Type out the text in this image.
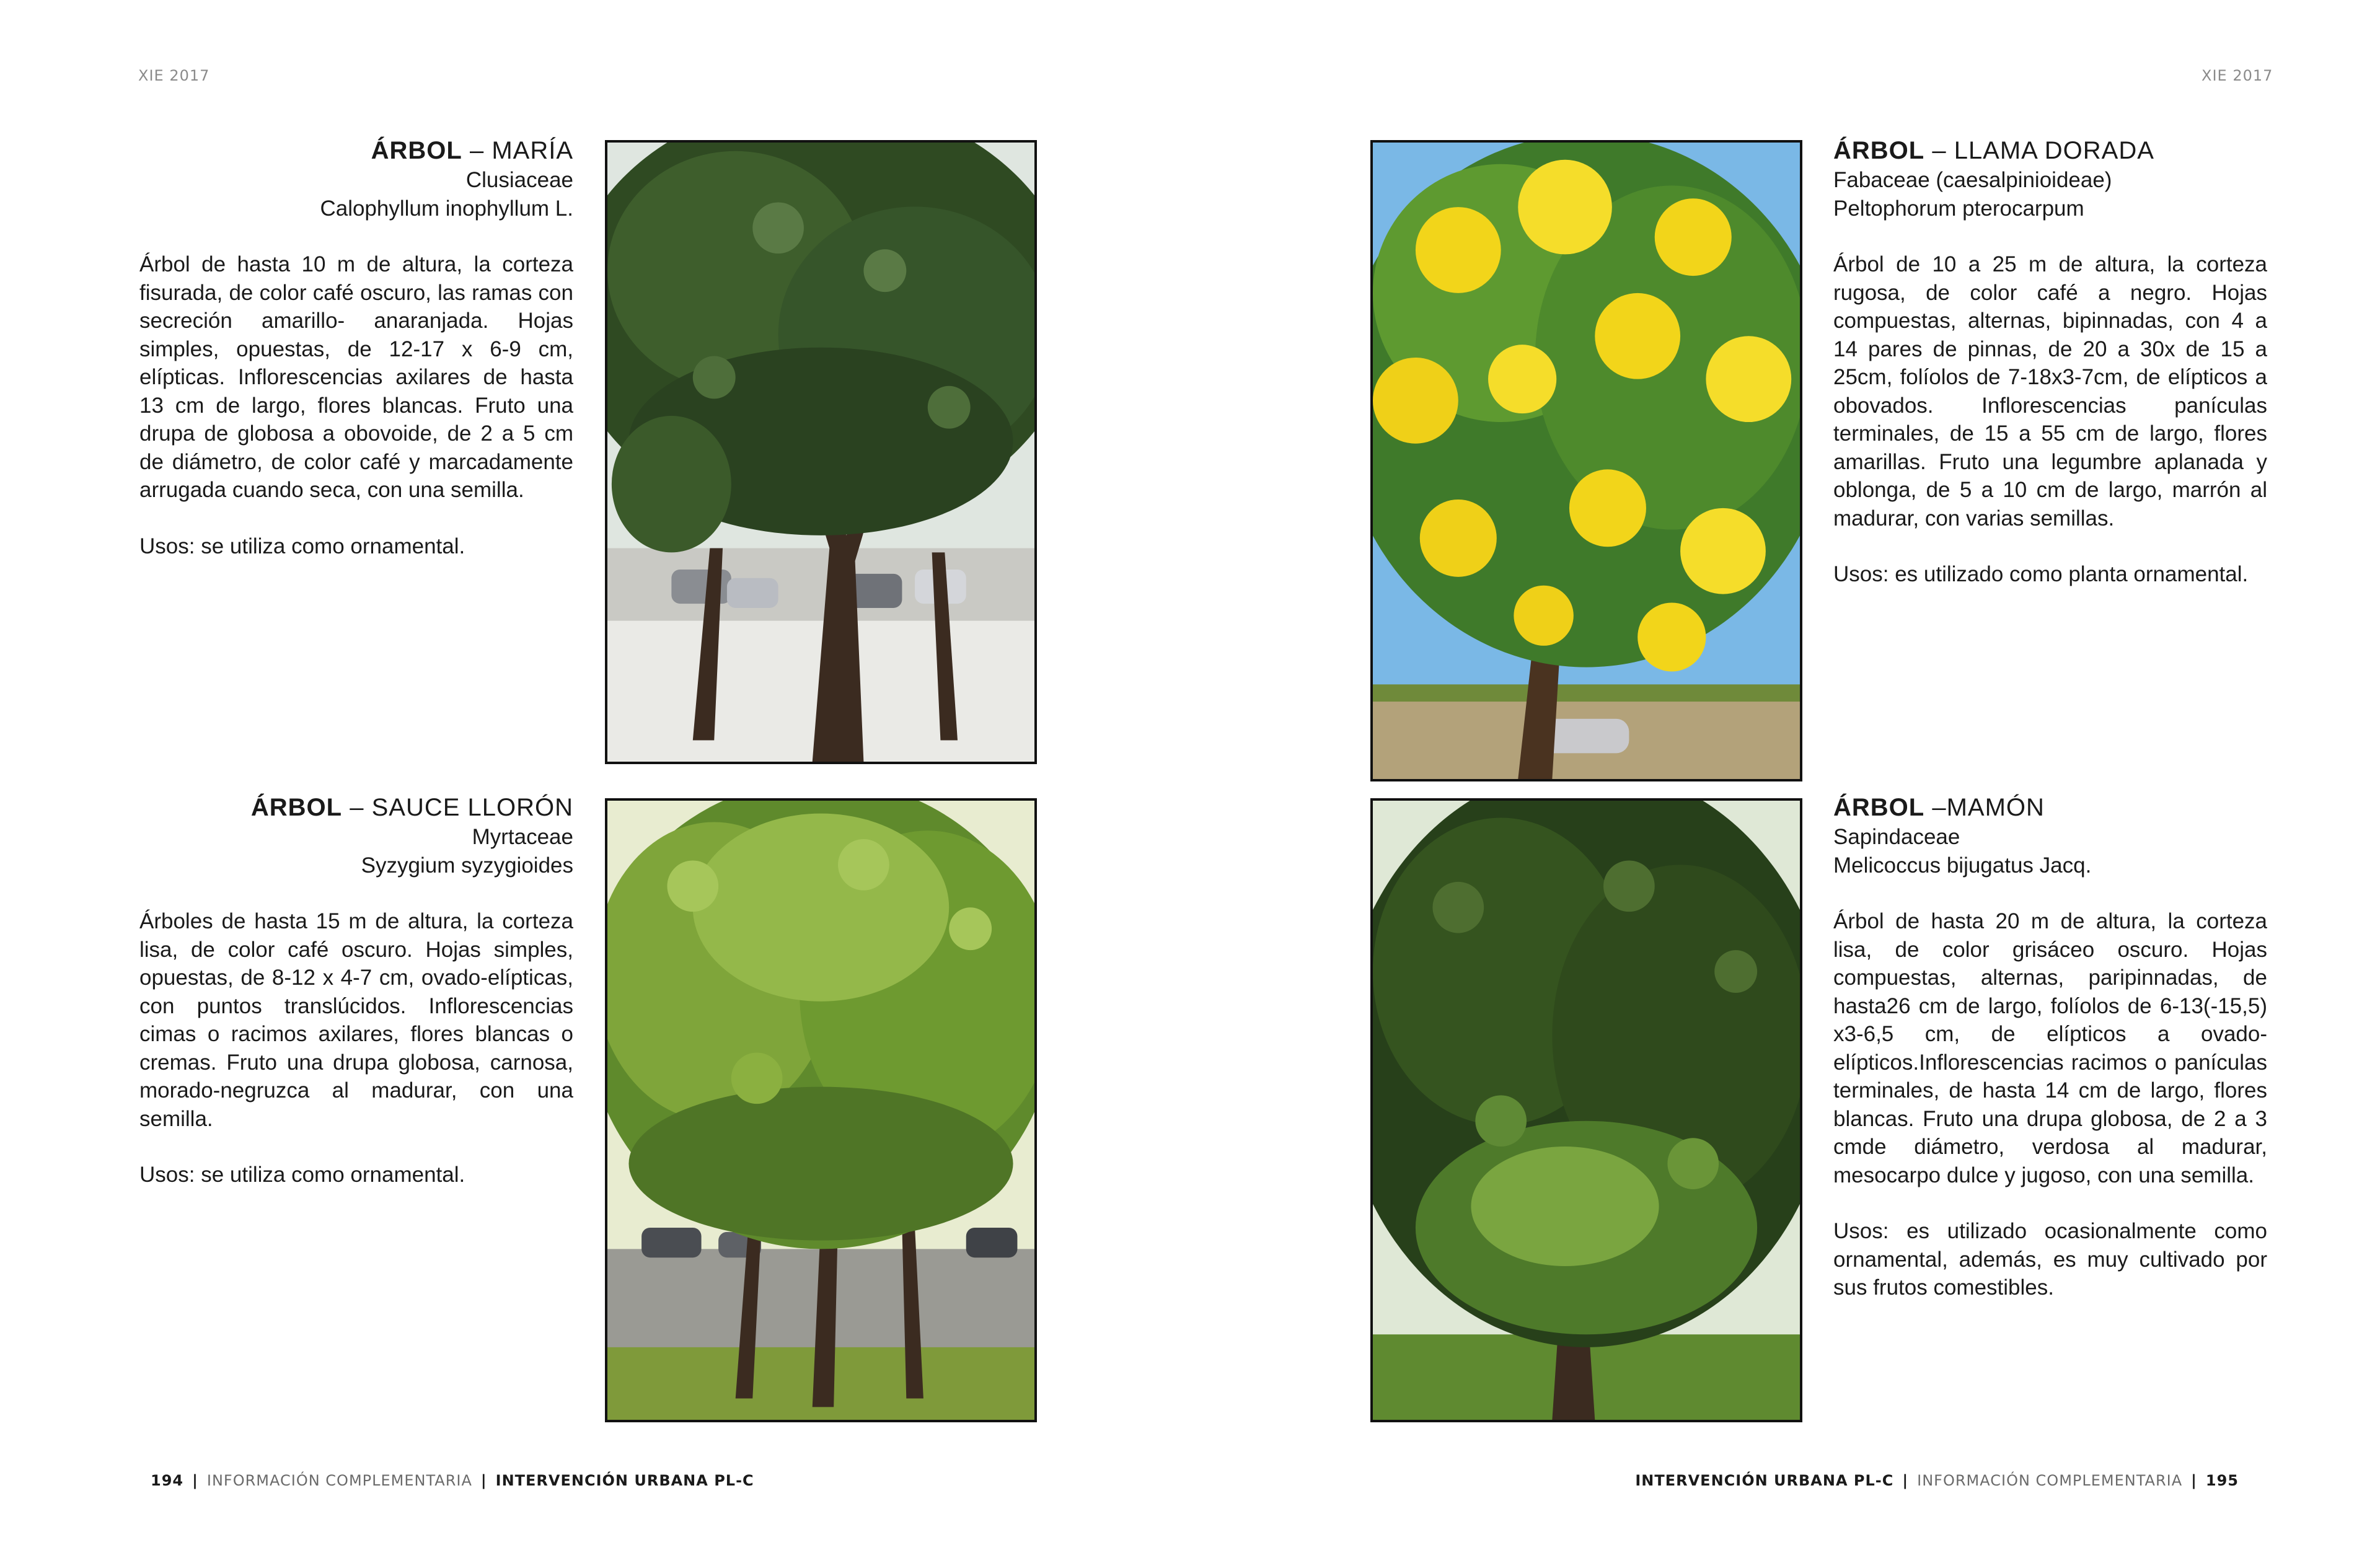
XIE 2017	XIE 2017
ÁRBOL – MARÍA

Clusiaceae

Calophyllum inophyllum L.

Árbol de hasta 10 m de altura, la corteza fisurada, de color café oscuro, las ramas con secreción amarillo- anaranjada. Hojas simples, opuestas, de 12-17 x 6-9 cm, elípticas. Inflorescencias axilares de hasta 13 cm de largo, flores blancas. Fruto una drupa de globosa a obovoide, de 2 a 5 cm de diámetro, de color café y marcadamente arrugada cuando seca, con una semilla.

Usos: se utiliza como ornamental.

ÁRBOL – SAUCE LLORÓN

Myrtaceae

Syzygium syzygioides

Árboles de hasta 15 m de altura, la corteza lisa, de color café oscuro. Hojas simples, opuestas, de 8-12 x 4-7 cm, ovado-elípticas, con puntos translúcidos. Inflorescencias cimas o racimos axilares, flores blancas o cremas. Fruto una drupa globosa, carnosa, morado-negruzca al madurar, con una semilla.

Usos: se utiliza como ornamental.

ÁRBOL – LLAMA DORADA

Fabaceae (caesalpinioideae)

Peltophorum pterocarpum

Árbol de 10 a 25 m de altura, la corteza rugosa, de color café a negro. Hojas compuestas, alternas, bipinnadas, con 4 a 14 pares de pinnas, de 20 a 30x de 15 a 25cm, folíolos de 7-18x3-7cm, de elípticos a obovados. Inflorescencias panículas terminales, de 15 a 55 cm de largo, flores amarillas. Fruto una legumbre aplanada y oblonga, de 5 a 10 cm de largo, marrón al madurar, con varias semillas.

Usos: es utilizado como planta ornamental.

ÁRBOL –MAMÓN

Sapindaceae

Melicoccus bijugatus Jacq.

Árbol de hasta 20 m de altura, la corteza lisa, de color grisáceo oscuro. Hojas compuestas, alternas, paripinnadas, de hasta26 cm de largo, folíolos de 6-13(-15,5) x3-6,5 cm, de elípticos a ovado-elípticos.Inflorescencias racimos o panículas terminales, de hasta 14 cm de largo, flores blancas. Fruto una drupa globosa, de 2 a 3 cmde diámetro, verdosa al madurar, mesocarpo dulce y jugoso, con una semilla.

Usos: es utilizado ocasionalmente como ornamental, además, es muy cultivado por sus frutos comestibles.

194 | INFORMACIÓN COMPLEMENTARIA | INTERVENCIÓN URBANA PL-C	INTERVENCIÓN URBANA PL-C | INFORMACIÓN COMPLEMENTARIA | 195
